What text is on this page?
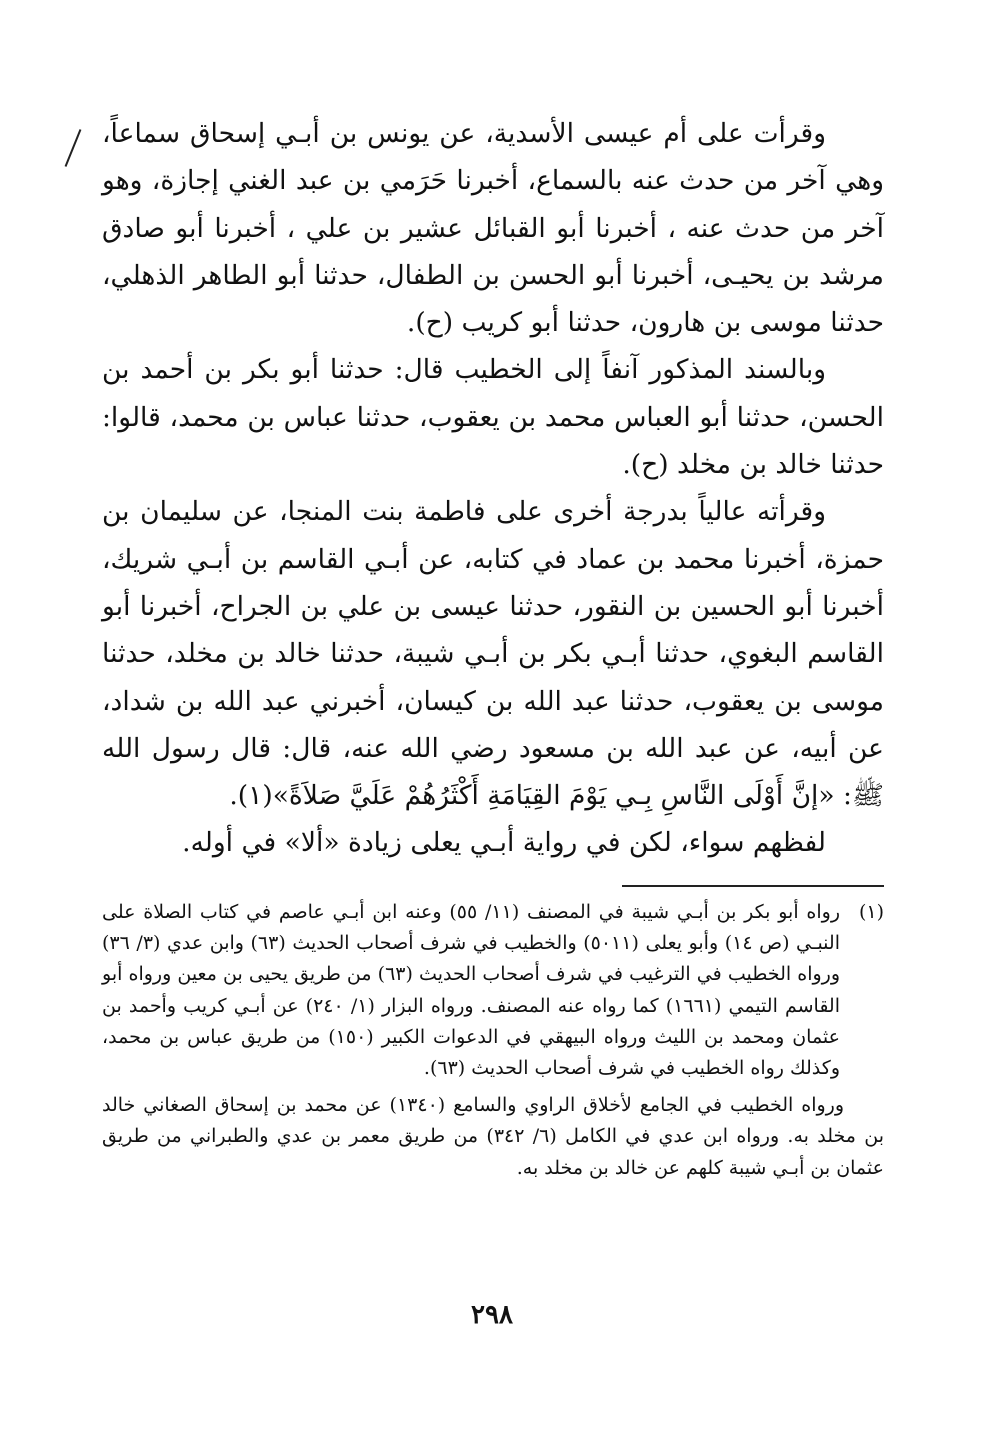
وقرأت على أم عيسى الأسدية، عن يونس بن أبـي إسحاق سماعاً، وهي آخر من حدث عنه بالسماع، أخبرنا حَرَمي بن عبد الغني إجازة، وهو آخر من حدث عنه ، أخبرنا أبو القبائل عشير بن علي ، أخبرنا أبو صادق مرشد بن يحيـى، أخبرنا أبو الحسن بن الطفال، حدثنا أبو الطاهر الذهلي، حدثنا موسى بن هارون، حدثنا أبو كريب (ح).

وبالسند المذكور آنفاً إلى الخطيب قال: حدثنا أبو بكر بن أحمد بن الحسن، حدثنا أبو العباس محمد بن يعقوب، حدثنا عباس بن محمد، قالوا: حدثنا خالد بن مخلد (ح).

وقرأته عالياً بدرجة أخرى على فاطمة بنت المنجا، عن سليمان بن حمزة، أخبرنا محمد بن عماد في كتابه، عن أبـي القاسم بن أبـي شريك، أخبرنا أبو الحسين بن النقور، حدثنا عيسى بن علي بن الجراح، أخبرنا أبو القاسم البغوي، حدثنا أبـي بكر بن أبـي شيبة، حدثنا خالد بن مخلد، حدثنا موسى بن يعقوب، حدثنا عبد الله بن كيسان، أخبرني عبد الله بن شداد، عن أبيه، عن عبد الله بن مسعود رضي الله عنه، قال: قال رسول الله ﷺ: «إنَّ أَوْلَى النَّاسِ بِـي يَوْمَ القِيَامَةِ أَكْثَرُهُمْ عَلَيَّ صَلاَةً»(١).

لفظهم سواء، لكن في رواية أبـي يعلى زيادة «ألا» في أوله.

(١)

رواه أبو بكر بن أبـي شيبة في المصنف (١١/ ٥٥) وعنه ابن أبـي عاصم في كتاب الصلاة على النبـي (ص ١٤) وأبو يعلى (٥٠١١) والخطيب في شرف أصحاب الحديث (٦٣) وابن عدي (٣/ ٣٦) ورواه الخطيب في الترغيب في شرف أصحاب الحديث (٦٣) من طريق يحيى بن معين ورواه أبو القاسم التيمي (١٦٦١) كما رواه عنه المصنف. ورواه البزار (١/ ٢٤٠) عن أبـي كريب وأحمد بن عثمان ومحمد بن الليث ورواه البيهقي في الدعوات الكبير (١٥٠) من طريق عباس بن محمد، وكذلك رواه الخطيب في شرف أصحاب الحديث (٦٣).

ورواه الخطيب في الجامع لأخلاق الراوي والسامع (١٣٤٠) عن محمد بن إسحاق الصغاني خالد بن مخلد به. ورواه ابن عدي في الكامل (٦/ ٣٤٢) من طريق معمر بن عدي والطبراني من طريق عثمان بن أبـي شيبة كلهم عن خالد بن مخلد به.

٢٩٨
